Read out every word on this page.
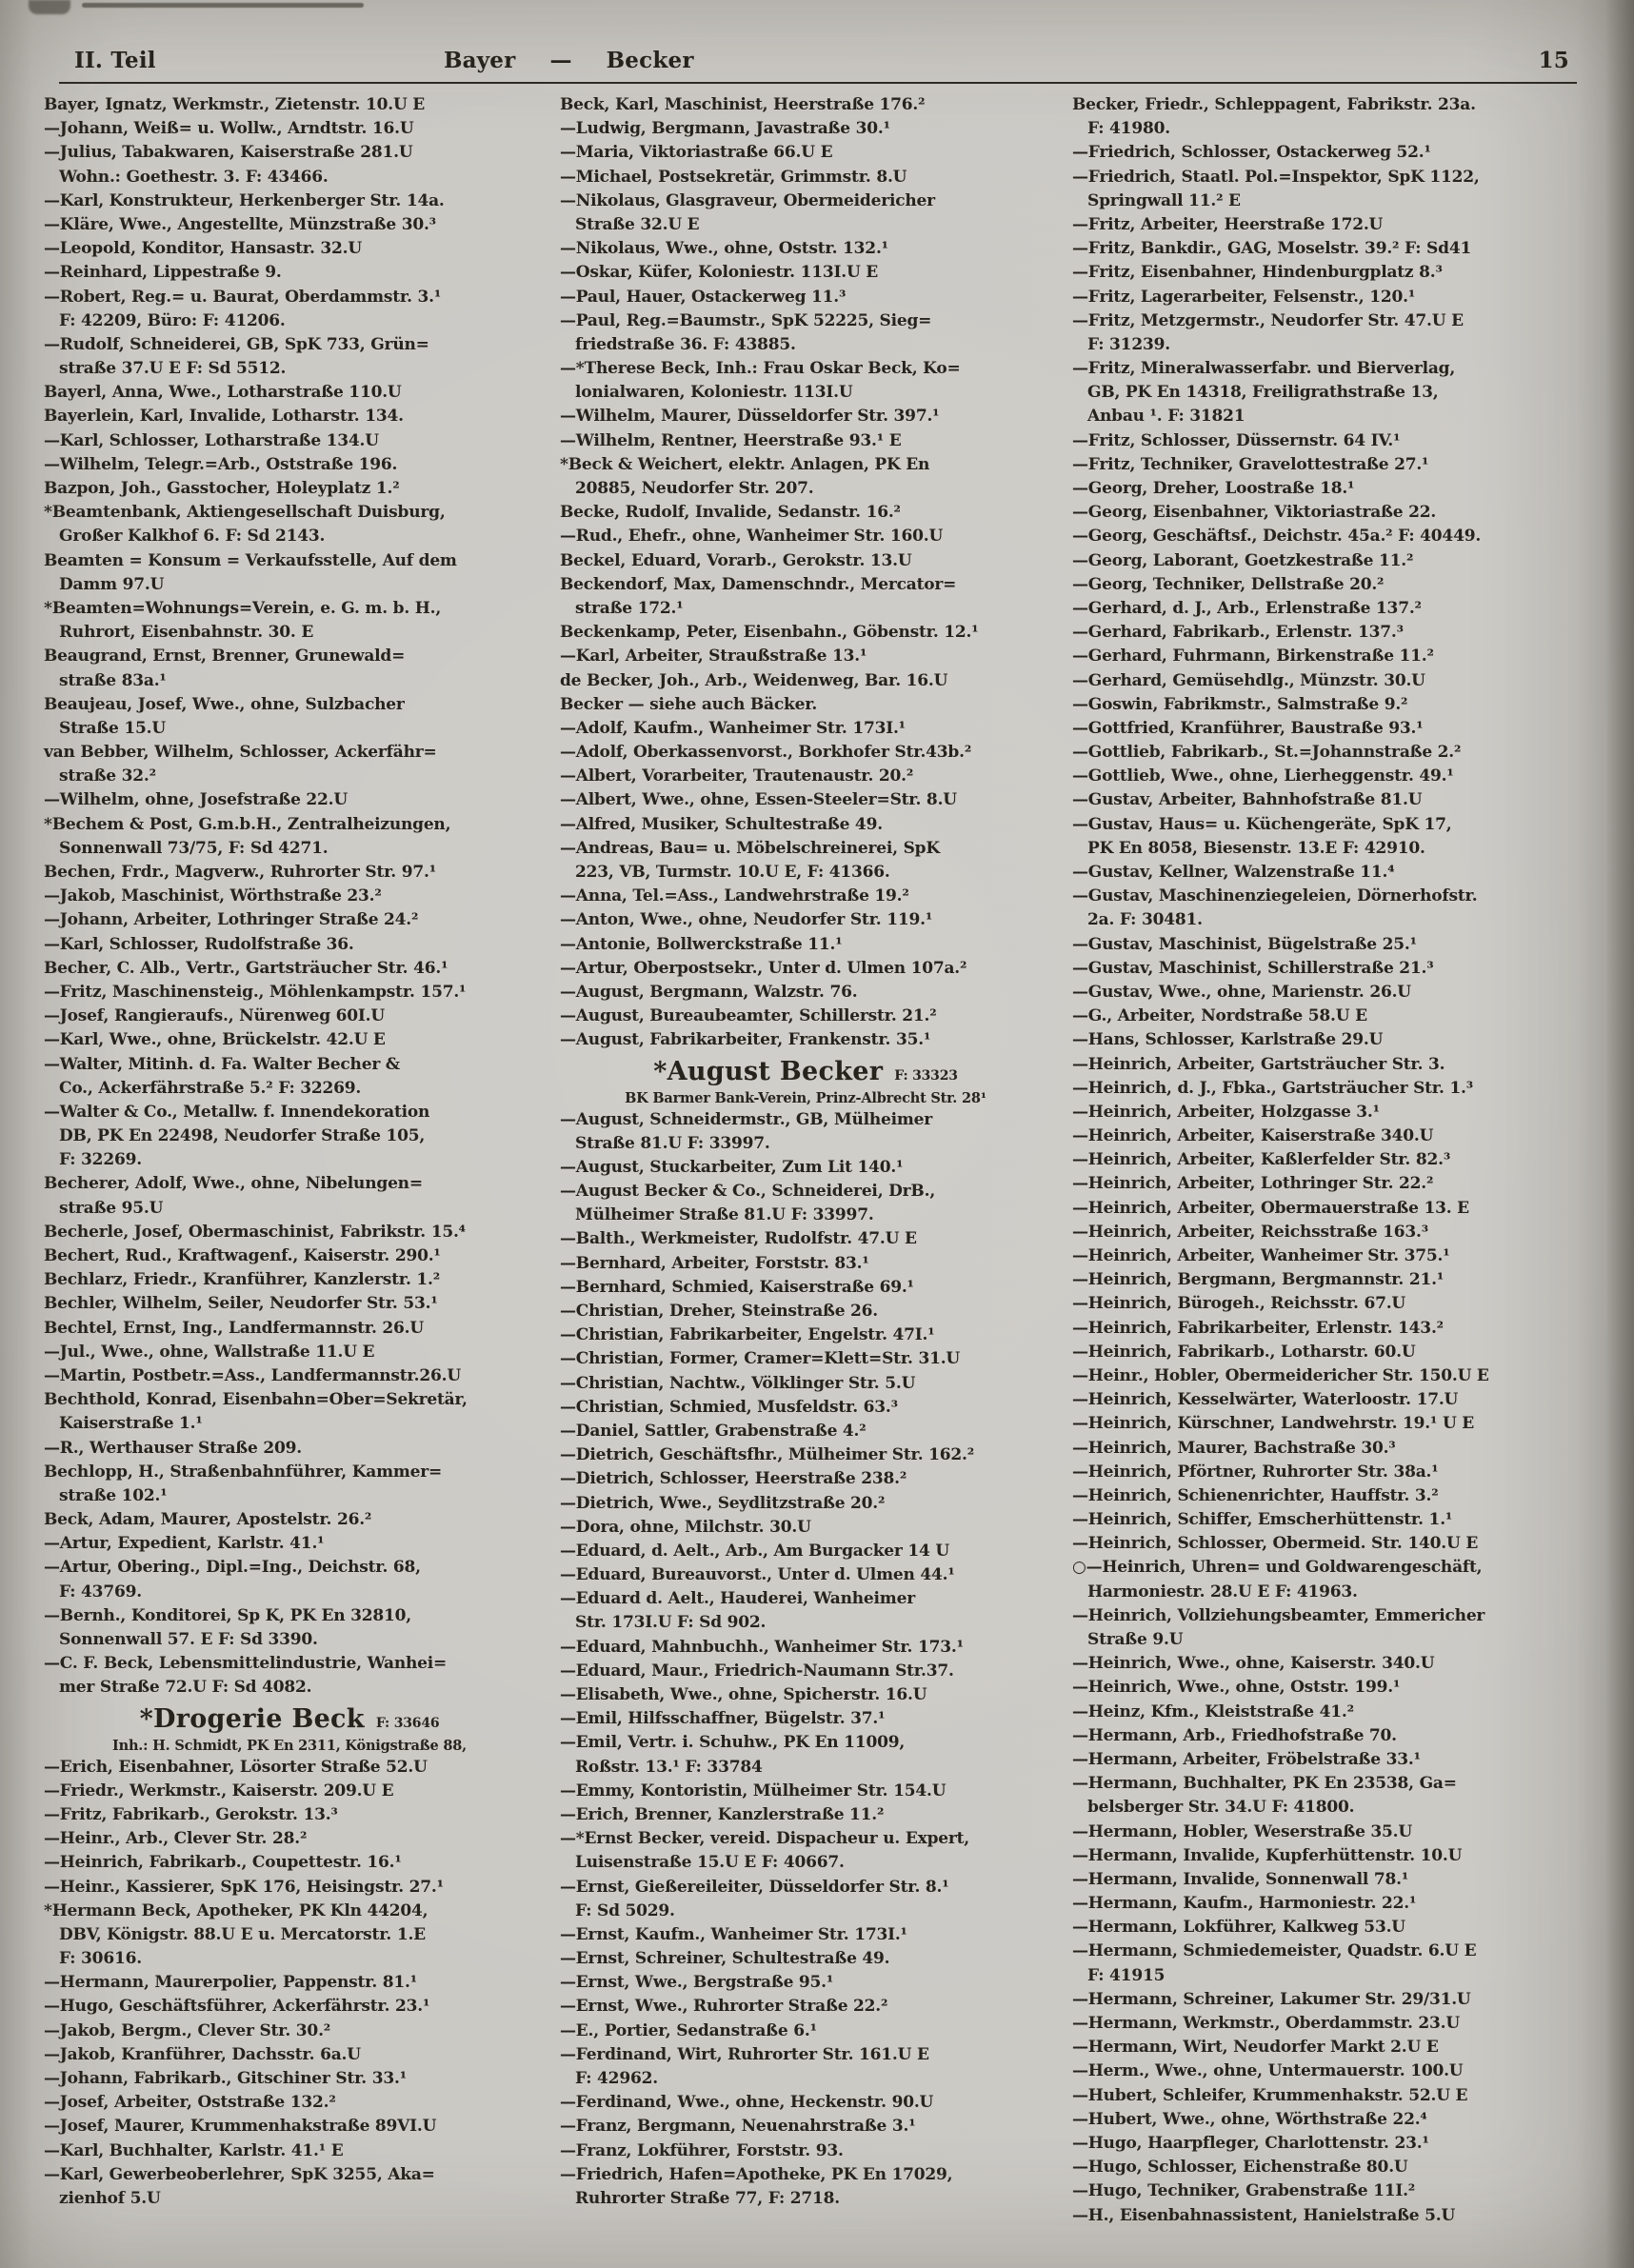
II. Teil	Bayer — Becker	15
Bayer, Ignatz, Werkmstr., Zietenstr. 10.U E
—Johann, Weiß= u. Wollw., Arndtstr. 16.U
—Julius, Tabakwaren, Kaiserstraße 281.U
Wohn.: Goethestr. 3. F: 43466.
—Karl, Konstrukteur, Herkenberger Str. 14a.
—Kläre, Wwe., Angestellte, Münzstraße 30.³
—Leopold, Konditor, Hansastr. 32.U
—Reinhard, Lippestraße 9.
—Robert, Reg.= u. Baurat, Oberdammstr. 3.¹
F: 42209, Büro: F: 41206.
—Rudolf, Schneiderei, GB, SpK 733, Grün=
straße 37.U E F: Sd 5512.
Bayerl, Anna, Wwe., Lotharstraße 110.U
Bayerlein, Karl, Invalide, Lotharstr. 134.
—Karl, Schlosser, Lotharstraße 134.U
—Wilhelm, Telegr.=Arb., Oststraße 196.
Bazpon, Joh., Gasstocher, Holeyplatz 1.²
*Beamtenbank, Aktiengesellschaft Duisburg,
Großer Kalkhof 6. F: Sd 2143.
Beamten = Konsum = Verkaufsstelle, Auf dem
Damm 97.U
*Beamten=Wohnungs=Verein, e. G. m. b. H.,
Ruhrort, Eisenbahnstr. 30. E
Beaugrand, Ernst, Brenner, Grunewald=
straße 83a.¹
Beaujeau, Josef, Wwe., ohne, Sulzbacher
Straße 15.U
van Bebber, Wilhelm, Schlosser, Ackerfähr=
straße 32.²
—Wilhelm, ohne, Josefstraße 22.U
*Bechem & Post, G.m.b.H., Zentralheizungen,
Sonnenwall 73/75, F: Sd 4271.
Bechen, Frdr., Magverw., Ruhrorter Str. 97.¹
—Jakob, Maschinist, Wörthstraße 23.²
—Johann, Arbeiter, Lothringer Straße 24.²
—Karl, Schlosser, Rudolfstraße 36.
Becher, C. Alb., Vertr., Gartsträucher Str. 46.¹
—Fritz, Maschinensteig., Möhlenkampstr. 157.¹
—Josef, Rangieraufs., Nürenweg 60I.U
—Karl, Wwe., ohne, Brückelstr. 42.U E
—Walter, Mitinh. d. Fa. Walter Becher &
Co., Ackerfährstraße 5.² F: 32269.
—Walter & Co., Metallw. f. Innendekoration
DB, PK En 22498, Neudorfer Straße 105,
F: 32269.
Becherer, Adolf, Wwe., ohne, Nibelungen=
straße 95.U
Becherle, Josef, Obermaschinist, Fabrikstr. 15.⁴
Bechert, Rud., Kraftwagenf., Kaiserstr. 290.¹
Bechlarz, Friedr., Kranführer, Kanzlerstr. 1.²
Bechler, Wilhelm, Seiler, Neudorfer Str. 53.¹
Bechtel, Ernst, Ing., Landfermannstr. 26.U
—Jul., Wwe., ohne, Wallstraße 11.U E
—Martin, Postbetr.=Ass., Landfermannstr.26.U
Bechthold, Konrad, Eisenbahn=Ober=Sekretär,
Kaiserstraße 1.¹
—R., Werthauser Straße 209.
Bechlopp, H., Straßenbahnführer, Kammer=
straße 102.¹
Beck, Adam, Maurer, Apostelstr. 26.²
—Artur, Expedient, Karlstr. 41.¹
—Artur, Obering., Dipl.=Ing., Deichstr. 68,
F: 43769.
—Bernh., Konditorei, Sp K, PK En 32810,
Sonnenwall 57. E F: Sd 3390.
—C. F. Beck, Lebensmittelindustrie, Wanhei=
mer Straße 72.U F: Sd 4082.
*Drogerie Beck F: 33646
Inh.: H. Schmidt, PK En 2311, Königstraße 88,
—Erich, Eisenbahner, Lösorter Straße 52.U
—Friedr., Werkmstr., Kaiserstr. 209.U E
—Fritz, Fabrikarb., Gerokstr. 13.³
—Heinr., Arb., Clever Str. 28.²
—Heinrich, Fabrikarb., Coupettestr. 16.¹
—Heinr., Kassierer, SpK 176, Heisingstr. 27.¹
*Hermann Beck, Apotheker, PK Kln 44204,
DBV, Königstr. 88.U E u. Mercatorstr. 1.E
F: 30616.
—Hermann, Maurerpolier, Pappenstr. 81.¹
—Hugo, Geschäftsführer, Ackerfährstr. 23.¹
—Jakob, Bergm., Clever Str. 30.²
—Jakob, Kranführer, Dachsstr. 6a.U
—Johann, Fabrikarb., Gitschiner Str. 33.¹
—Josef, Arbeiter, Oststraße 132.²
—Josef, Maurer, Krummenhakstraße 89VI.U
—Karl, Buchhalter, Karlstr. 41.¹ E
—Karl, Gewerbeoberlehrer, SpK 3255, Aka=
zienhof 5.U
Beck, Karl, Maschinist, Heerstraße 176.²
—Ludwig, Bergmann, Javastraße 30.¹
—Maria, Viktoriastraße 66.U E
—Michael, Postsekretär, Grimmstr. 8.U
—Nikolaus, Glasgraveur, Obermeidericher
Straße 32.U E
—Nikolaus, Wwe., ohne, Oststr. 132.¹
—Oskar, Küfer, Koloniestr. 113I.U E
—Paul, Hauer, Ostackerweg 11.³
—Paul, Reg.=Baumstr., SpK 52225, Sieg=
friedstraße 36. F: 43885.
—*Therese Beck, Inh.: Frau Oskar Beck, Ko=
lonialwaren, Koloniestr. 113I.U
—Wilhelm, Maurer, Düsseldorfer Str. 397.¹
—Wilhelm, Rentner, Heerstraße 93.¹ E
*Beck & Weichert, elektr. Anlagen, PK En
20885, Neudorfer Str. 207.
Becke, Rudolf, Invalide, Sedanstr. 16.²
—Rud., Ehefr., ohne, Wanheimer Str. 160.U
Beckel, Eduard, Vorarb., Gerokstr. 13.U
Beckendorf, Max, Damenschndr., Mercator=
straße 172.¹
Beckenkamp, Peter, Eisenbahn., Göbenstr. 12.¹
—Karl, Arbeiter, Straußstraße 13.¹
de Becker, Joh., Arb., Weidenweg, Bar. 16.U
Becker — siehe auch Bäcker.
—Adolf, Kaufm., Wanheimer Str. 173I.¹
—Adolf, Oberkassenvorst., Borkhofer Str.43b.²
—Albert, Vorarbeiter, Trautenaustr. 20.²
—Albert, Wwe., ohne, Essen-Steeler=Str. 8.U
—Alfred, Musiker, Schultestraße 49.
—Andreas, Bau= u. Möbelschreinerei, SpK
223, VB, Turmstr. 10.U E, F: 41366.
—Anna, Tel.=Ass., Landwehrstraße 19.²
—Anton, Wwe., ohne, Neudorfer Str. 119.¹
—Antonie, Bollwerckstraße 11.¹
—Artur, Oberpostsekr., Unter d. Ulmen 107a.²
—August, Bergmann, Walzstr. 76.
—August, Bureaubeamter, Schillerstr. 21.²
—August, Fabrikarbeiter, Frankenstr. 35.¹
*August Becker F: 33323
BK Barmer Bank-Verein, Prinz-Albrecht Str. 28¹
—August, Schneidermstr., GB, Mülheimer
Straße 81.U F: 33997.
—August, Stuckarbeiter, Zum Lit 140.¹
—August Becker & Co., Schneiderei, DrB.,
Mülheimer Straße 81.U F: 33997.
—Balth., Werkmeister, Rudolfstr. 47.U E
—Bernhard, Arbeiter, Forststr. 83.¹
—Bernhard, Schmied, Kaiserstraße 69.¹
—Christian, Dreher, Steinstraße 26.
—Christian, Fabrikarbeiter, Engelstr. 47I.¹
—Christian, Former, Cramer=Klett=Str. 31.U
—Christian, Nachtw., Völklinger Str. 5.U
—Christian, Schmied, Musfeldstr. 63.³
—Daniel, Sattler, Grabenstraße 4.²
—Dietrich, Geschäftsfhr., Mülheimer Str. 162.²
—Dietrich, Schlosser, Heerstraße 238.²
—Dietrich, Wwe., Seydlitzstraße 20.²
—Dora, ohne, Milchstr. 30.U
—Eduard, d. Aelt., Arb., Am Burgacker 14 U
—Eduard, Bureauvorst., Unter d. Ulmen 44.¹
—Eduard d. Aelt., Hauderei, Wanheimer
Str. 173I.U F: Sd 902.
—Eduard, Mahnbuchh., Wanheimer Str. 173.¹
—Eduard, Maur., Friedrich-Naumann Str.37.
—Elisabeth, Wwe., ohne, Spicherstr. 16.U
—Emil, Hilfsschaffner, Bügelstr. 37.¹
—Emil, Vertr. i. Schuhw., PK En 11009,
Roßstr. 13.¹ F: 33784
—Emmy, Kontoristin, Mülheimer Str. 154.U
—Erich, Brenner, Kanzlerstraße 11.²
—*Ernst Becker, vereid. Dispacheur u. Expert,
Luisenstraße 15.U E F: 40667.
—Ernst, Gießereileiter, Düsseldorfer Str. 8.¹
F: Sd 5029.
—Ernst, Kaufm., Wanheimer Str. 173I.¹
—Ernst, Schreiner, Schultestraße 49.
—Ernst, Wwe., Bergstraße 95.¹
—Ernst, Wwe., Ruhrorter Straße 22.²
—E., Portier, Sedanstraße 6.¹
—Ferdinand, Wirt, Ruhrorter Str. 161.U E
F: 42962.
—Ferdinand, Wwe., ohne, Heckenstr. 90.U
—Franz, Bergmann, Neuenahrstraße 3.¹
—Franz, Lokführer, Forststr. 93.
—Friedrich, Hafen=Apotheke, PK En 17029,
Ruhrorter Straße 77, F: 2718.
Becker, Friedr., Schleppagent, Fabrikstr. 23a.
F: 41980.
—Friedrich, Schlosser, Ostackerweg 52.¹
—Friedrich, Staatl. Pol.=Inspektor, SpK 1122,
Springwall 11.² E
—Fritz, Arbeiter, Heerstraße 172.U
—Fritz, Bankdir., GAG, Moselstr. 39.² F: Sd41
—Fritz, Eisenbahner, Hindenburgplatz 8.³
—Fritz, Lagerarbeiter, Felsenstr., 120.¹
—Fritz, Metzgermstr., Neudorfer Str. 47.U E
F: 31239.
—Fritz, Mineralwasserfabr. und Bierverlag,
GB, PK En 14318, Freiligrathstraße 13,
Anbau ¹. F: 31821
—Fritz, Schlosser, Düssernstr. 64 IV.¹
—Fritz, Techniker, Gravelottestraße 27.¹
—Georg, Dreher, Loostraße 18.¹
—Georg, Eisenbahner, Viktoriastraße 22.
—Georg, Geschäftsf., Deichstr. 45a.² F: 40449.
—Georg, Laborant, Goetzkestraße 11.²
—Georg, Techniker, Dellstraße 20.²
—Gerhard, d. J., Arb., Erlenstraße 137.²
—Gerhard, Fabrikarb., Erlenstr. 137.³
—Gerhard, Fuhrmann, Birkenstraße 11.²
—Gerhard, Gemüsehdlg., Münzstr. 30.U
—Goswin, Fabrikmstr., Salmstraße 9.²
—Gottfried, Kranführer, Baustraße 93.¹
—Gottlieb, Fabrikarb., St.=Johannstraße 2.²
—Gottlieb, Wwe., ohne, Lierheggenstr. 49.¹
—Gustav, Arbeiter, Bahnhofstraße 81.U
—Gustav, Haus= u. Küchengeräte, SpK 17,
PK En 8058, Biesenstr. 13.E F: 42910.
—Gustav, Kellner, Walzenstraße 11.⁴
—Gustav, Maschinenziegeleien, Dörnerhofstr.
2a. F: 30481.
—Gustav, Maschinist, Bügelstraße 25.¹
—Gustav, Maschinist, Schillerstraße 21.³
—Gustav, Wwe., ohne, Marienstr. 26.U
—G., Arbeiter, Nordstraße 58.U E
—Hans, Schlosser, Karlstraße 29.U
—Heinrich, Arbeiter, Gartsträucher Str. 3.
—Heinrich, d. J., Fbka., Gartsträucher Str. 1.³
—Heinrich, Arbeiter, Holzgasse 3.¹
—Heinrich, Arbeiter, Kaiserstraße 340.U
—Heinrich, Arbeiter, Kaßlerfelder Str. 82.³
—Heinrich, Arbeiter, Lothringer Str. 22.²
—Heinrich, Arbeiter, Obermauerstraße 13. E
—Heinrich, Arbeiter, Reichsstraße 163.³
—Heinrich, Arbeiter, Wanheimer Str. 375.¹
—Heinrich, Bergmann, Bergmannstr. 21.¹
—Heinrich, Bürogeh., Reichsstr. 67.U
—Heinrich, Fabrikarbeiter, Erlenstr. 143.²
—Heinrich, Fabrikarb., Lotharstr. 60.U
—Heinr., Hobler, Obermeidericher Str. 150.U E
—Heinrich, Kesselwärter, Waterloostr. 17.U
—Heinrich, Kürschner, Landwehrstr. 19.¹ U E
—Heinrich, Maurer, Bachstraße 30.³
—Heinrich, Pförtner, Ruhrorter Str. 38a.¹
—Heinrich, Schienenrichter, Hauffstr. 3.²
—Heinrich, Schiffer, Emscherhüttenstr. 1.¹
—Heinrich, Schlosser, Obermeid. Str. 140.U E
○—Heinrich, Uhren= und Goldwarengeschäft,
Harmoniestr. 28.U E F: 41963.
—Heinrich, Vollziehungsbeamter, Emmericher
Straße 9.U
—Heinrich, Wwe., ohne, Kaiserstr. 340.U
—Heinrich, Wwe., ohne, Oststr. 199.¹
—Heinz, Kfm., Kleiststraße 41.²
—Hermann, Arb., Friedhofstraße 70.
—Hermann, Arbeiter, Fröbelstraße 33.¹
—Hermann, Buchhalter, PK En 23538, Ga=
belsberger Str. 34.U F: 41800.
—Hermann, Hobler, Weserstraße 35.U
—Hermann, Invalide, Kupferhüttenstr. 10.U
—Hermann, Invalide, Sonnenwall 78.¹
—Hermann, Kaufm., Harmoniestr. 22.¹
—Hermann, Lokführer, Kalkweg 53.U
—Hermann, Schmiedemeister, Quadstr. 6.U E
F: 41915
—Hermann, Schreiner, Lakumer Str. 29/31.U
—Hermann, Werkmstr., Oberdammstr. 23.U
—Hermann, Wirt, Neudorfer Markt 2.U E
—Herm., Wwe., ohne, Untermauerstr. 100.U
—Hubert, Schleifer, Krummenhakstr. 52.U E
—Hubert, Wwe., ohne, Wörthstraße 22.⁴
—Hugo, Haarpfleger, Charlottenstr. 23.¹
—Hugo, Schlosser, Eichenstraße 80.U
—Hugo, Techniker, Grabenstraße 11I.²
—H., Eisenbahnassistent, Hanielstraße 5.U
